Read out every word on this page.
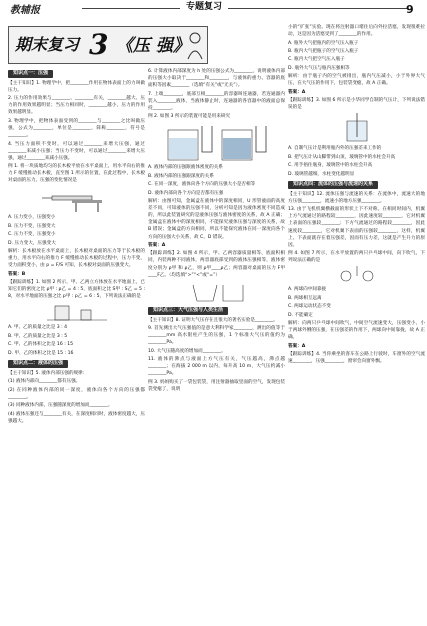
教辅报	专题复习	9
期末复习 3 《压 强》
知识点一：压强

【主干知识】1. 物理学中，把________作用在物体表面上的力叫做压力。

2. 压力的作用效果与________、________有关，________越大、压力的作用效果越明显；当压力相同时，________越小，压力的作用效果越明显。

3. 物理学中，把物体表面受到的________与________之比叫做压强，公式为________，单位是________，简称________，符号是________。

4. 当压力面积不变时，可以通过________来增大压强，通过________来减小压强；当压力不变时，可以通过________来增大压强，通过________来减小压强。

例 1. 将一块质地均匀的长木板平放在水平桌面上，用水平向右的推力 F 缓慢推动长木板，直至图 1 所示的位置，在此过程中，长木板对桌面的压力、压强的变化情况是

A. 压力变小，压强变小

B. 压力不变，压强变大

C. 压力不变，压强变小

D. 压力变大，压强变大

解析：长木板放在水平桌面上，长木板对桌面的压力等于长木板的重力，用水平向右的推力 F 缓慢推动长木板的过程中，压力不变，受力面积变小，由 p = F/S 可知，长木板对桌面的压强变大。

答案：B

【跟踪训练】1. 如图 2 所示，甲、乙两立方体放在水平地面上，已知它们的密度之比 ρ甲 : ρ乙 = 4 : 5，底面积之比 S甲 : S乙 = 5 : 8，对水平地面的压强之比 p甲 : p乙 = 6 : 5，下列说法正确的是

A. 甲、乙的质量之比是 3 : 4

B. 甲、乙的质量之比是 3 : 5

C. 甲、乙的体积之比是 16 : 15

D. 甲、乙的体积之比是 15 : 16

知识点二：液体的压强

【主干知识】5. 液体内部压强的规律：

(1) 液体内部向________都有压强。

(2) 在同种液体内部的同一深度，液体向各个方向的压强都________。

(3) 同种液体内部，压强随深度的增加而________。

(4) 液体压强还与________有关，在深度相同时，液体密度越大，压强越大。

6. 计算液体内部深度为 h 处的压强公式为________，说明液体内部的压强大小取决于________和________，与液体的重力、容器的底面积等因素________（选填“有关”或“无关”）。

7. 上端________，底部互相________的容器叫连通器，若连通器内装入________液体，当液体静止时，连通器的各容器中的液面总保持________。

例 2. 如图 3 所示的装置可能是用来研究

A. 液体内部的压强跟液体密度的关系

B. 液体内部的压强跟深度的关系

C. 在同一深度，液体向各个方向的压强大小是否相等

D. 液体内部向各个方向是否都有压强

解析：由图可知，金属盒在液体中的深度相同，U 形管液面的高度差不同，可知液体的压强不同，分析可知是因为液体密度不同造成的，所以此装置研究的是液体压强与液体密度的关系，故 A 正确；金属盒在液体中的深度相同，不能探究液体压强与深度的关系，故 B 错误；金属盒的方向相同，所以不能探究液体在同一深度向各个方向的压强大小关系，故 C、D 错误。

答案：A

【跟踪训练】2. 如图 4 所示，甲、乙两容器质量相等、底面积相同，内装两种不同液体，两容器底部受到的液体压强相等，液体密度分别为 ρ甲 和 ρ乙，则 ρ甲____ρ乙；两容器对桌面的压力 F甲____F乙。（均选填“>”“<”或“=”）

知识点三：大气压强与人类生活

【主干知识】8. 证明大气压存在且很大的著名实验是________。

9. 首先测出大气压强值的是意大利科学家________，测出的值等于________mm 高水银柱产生的压强，1 个标准大气压的值约为________Pa。

10. 大气压随高度的增加而________。

11. 液体的沸点与液面上方气压有关，气压越高，沸点越________；在海拔 2 000 m 以内，每升高 10 m，大气压约减小________Pa。

例 3. 妈妈购买了一袋包装袋，用注射器抽取里面的空气，发现包装袋变瘪了，说明

小的“扩张”实验。现在将注射器口堵住后向外拉活塞，发现很难拉动，这是因为活塞受到了________的作用。

A. 瓶外大气把瓶内的空气压入瓶子

B. 瓶内大气把瓶子的空气压入瓶子

C. 瓶内大气把空气压入瓶子

D. 瓶外大气压与瓶内压强相等

解析：由于瓶子内的空气被排出，瓶内气压减小，小于外界大气压，在大气压的作用下，包装袋变瘪，故 A 正确。

答案：A

【跟踪训练】3. 如图 6 所示是小华同学自制的气压计，下列说法错误的是

A. 自制气压计是利用瓶内外的压强差来工作的

B. 把气压计从山脚带到山顶，玻璃管中的水柱会升高

C. 用手捂住瓶身，玻璃管中的水柱会升高

D. 玻璃管越细，水柱变化越明显

知识点四：流体的压强与流速的关系

【主干知识】12. 流体压强与流速的关系：在流体中，流速大的地方压强________，流速小的地方压强________。

13. 由于飞机机翼横截面的形状上下不对称，在相同时间内，机翼上方气流通过的路程较________，因此速度较________，它对机翼上表面的压强较________；下方气流通过的路程较________，因此速度较________，它对机翼下表面的压强较________，这样，机翼上、下表面就存在着压强差，因而有压力差，这就是产生升力的原因。

例 4. 如图 7 所示，在水平放置的两只乒乓球中间，向下吹气，下列说法正确的是

A. 两球向中间靠拢

B. 两球相互远离

C. 两球运动状态不变

D. 不能确定

解析：向两只乒乓球中间吹气，中间空气流速变大，压强变小，小于两球外侧的压强，在压强差的作用下，两球向中间靠拢，故 A 正确。

答案：A

【跟踪训练】4. 当你乘坐的客车在公路上行驶时，车窗外的空气流速________，压强________，窗帘会向窗外飘。
